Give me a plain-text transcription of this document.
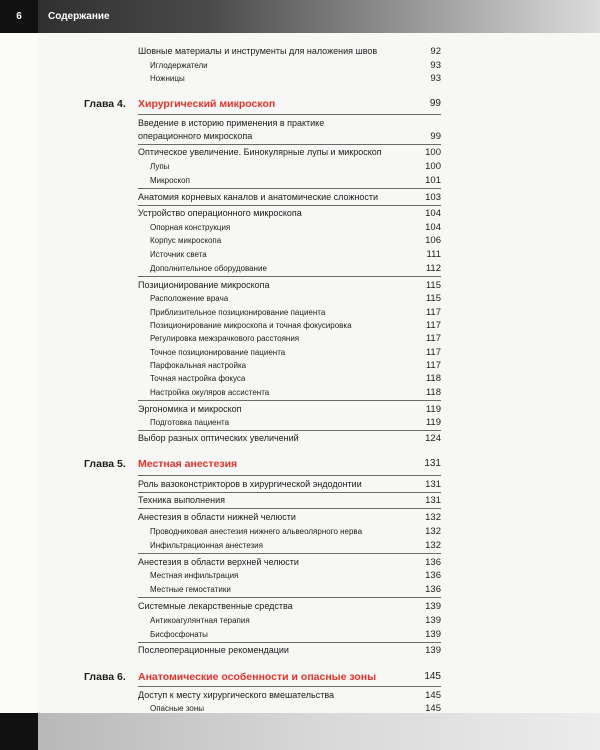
6	Содержание
Шовные материалы и инструменты для наложения швов	92
Иглодержатели	93
Ножницы	93
Глава 4. Хирургический микроскоп	99
Введение в историю применения в практике
операционного микроскопа	99
Оптическое увеличение. Бинокулярные лупы и микроскоп	100
Лупы	100
Микроскоп	101
Анатомия корневых каналов и анатомические сложности	103
Устройство операционного микроскопа	104
Опорная конструкция	104
Корпус микроскопа	106
Источник света	111
Дополнительное оборудование	112
Позиционирование микроскопа	115
Расположение врача	115
Приблизительное позиционирование пациента	117
Позиционирование микроскопа и точная фокусировка	117
Регулировка межзрачкового расстояния	117
Точное позиционирование пациента	117
Парфокальная настройка	117
Точная настройка фокуса	118
Настройка окуляров ассистента	118
Эргономика и микроскоп	119
Подготовка пациента	119
Выбор разных оптических увеличений	124
Глава 5. Местная анестезия	131
Роль вазоконстрикторов в хирургической эндодонтии	131
Техника выполнения	131
Анестезия в области нижней челюсти	132
Проводниковая анестезия нижнего альвеолярного нерва	132
Инфильтрационная анестезия	132
Анестезия в области верхней челюсти	136
Местная инфильтрация	136
Местные гемостатики	136
Системные лекарственные средства	139
Антикоагулянтная терапия	139
Бисфосфонаты	139
Послеоперационные рекомендации	139
Глава 6. Анатомические особенности и опасные зоны	145
Доступ к месту хирургического вмешательства	145
Опасные зоны	145
